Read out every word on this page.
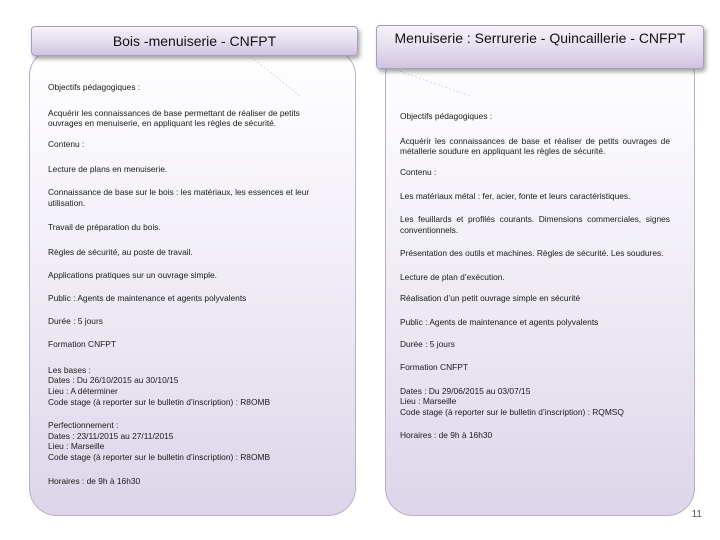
Bois -menuiserie - CNFPT	Menuiserie : Serrurerie - Quincaillerie - CNFPT

Objectifs pédagogiques :

Acquérir les connaissances de base permettant de réaliser de petits ouvrages en menuiserie, en appliquant les règles de sécurité.

Contenu :

Lecture de plans en menuiserie.

Connaissance de base sur le bois : les matériaux, les essences et leur utilisation.

Travail de préparation du bois.

Règles de sécurité, au poste de travail.

Applications pratiques sur un ouvrage simple.

Public : Agents de maintenance et agents polyvalents

Durée : 5 jours

Formation CNFPT

Les bases :
Dates : Du 26/10/2015 au 30/10/15
Lieu : A déterminer
Code stage (à reporter sur le bulletin d’inscription) : R8OMB

Perfectionnement :
Dates : 23/11/2015 au 27/11/2015
Lieu : Marseille
Code stage (à reporter sur le bulletin d’inscription) : R8OMB

Horaires : de 9h à 16h30

Objectifs pédagogiques :

Acquérir les connaissances de base et réaliser de petits ouvrages de métallerie soudure en appliquant les règles de sécurité.

Contenu :

Les matériaux métal : fer, acier, fonte et leurs caractéristiques.

Les feuillards et profilés courants. Dimensions commerciales, signes conventionnels.

Présentation des outils et machines. Règles de sécurité. Les soudures.

Lecture de plan d’exécution.

Réalisation d’un petit ouvrage simple en sécurité

Public : Agents de maintenance et agents polyvalents

Durée : 5 jours

Formation CNFPT

Dates : Du 29/06/2015 au 03/07/15
Lieu : Marseille
Code stage (à reporter sur le bulletin d’inscription) : RQMSQ

Horaires : de 9h à 16h30

11
